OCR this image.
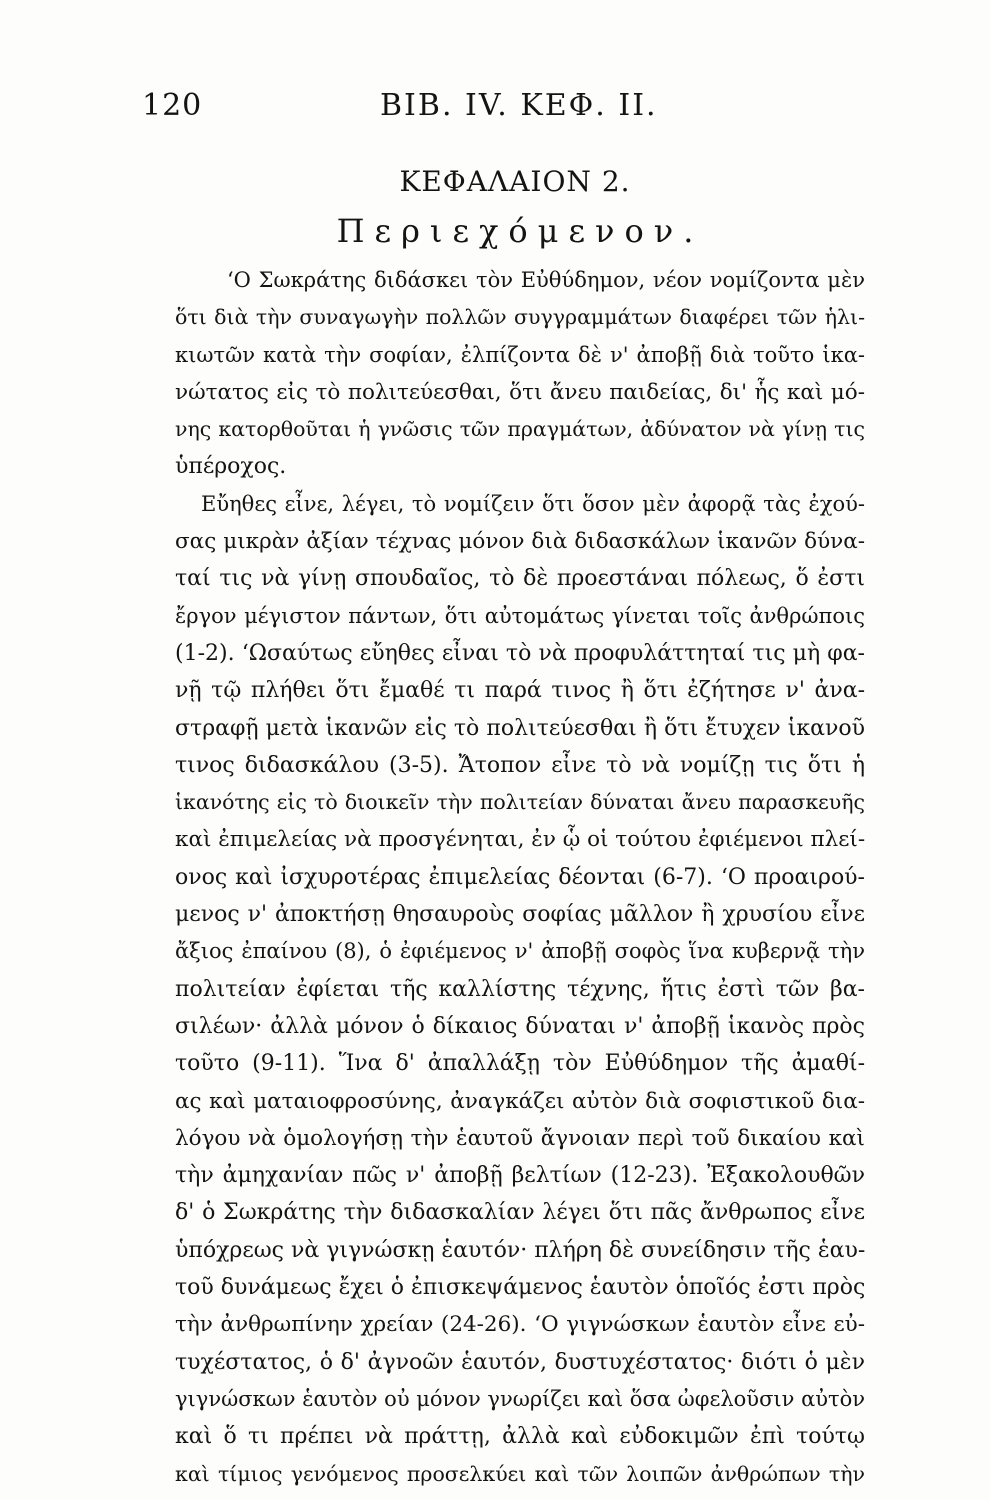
120	ΒΙΒ. IV. ΚΕΦ. II.
ΚΕΦΑΛΑΙΟΝ 2.
Περιεχόμενον.
‘Ο Σωκράτης διδάσκει τὸν Εὐθύδημον, νέον νομίζοντα μὲν
ὅτι διὰ τὴν συναγωγὴν πολλῶν συγγραμμάτων διαφέρει τῶν ἡλι-
κιωτῶν κατὰ τὴν σοφίαν, ἐλπίζοντα δὲ ν' ἀποβῇ διὰ τοῦτο ἱκα-
νώτατος εἰς τὸ πολιτεύεσθαι, ὅτι ἄνευ παιδείας, δι' ἧς καὶ μό-
νης κατορθοῦται ἡ γνῶσις τῶν πραγμάτων, ἀδύνατον νὰ γίνῃ τις
ὑπέροχος.
Εὔηθες εἶνε, λέγει, τὸ νομίζειν ὅτι ὅσον μὲν ἀφορᾷ τὰς ἐχού-
σας μικρὰν ἀξίαν τέχνας μόνον διὰ διδασκάλων ἱκανῶν δύνα-
ταί τις νὰ γίνῃ σπουδαῖος, τὸ δὲ προεστάναι πόλεως, ὅ ἐστι
ἔργον μέγιστον πάντων, ὅτι αὐτομάτως γίνεται τοῖς ἀνθρώποις
(1-2). ‘Ωσαύτως εὔηθες εἶναι τὸ νὰ προφυλάττηταί τις μὴ φα-
νῇ τῷ πλήθει ὅτι ἔμαθέ τι παρά τινος ἢ ὅτι ἐζήτησε ν' ἀνα-
στραφῇ μετὰ ἱκανῶν εἰς τὸ πολιτεύεσθαι ἢ ὅτι ἔτυχεν ἱκανοῦ
τινος διδασκάλου (3-5). Ἄτοπον εἶνε τὸ νὰ νομίζῃ τις ὅτι ἡ
ἱκανότης εἰς τὸ διοικεῖν τὴν πολιτείαν δύναται ἄνευ παρασκευῆς
καὶ ἐπιμελείας νὰ προσγένηται, ἐν ᾧ οἱ τούτου ἐφιέμενοι πλεί-
ονος καὶ ἰσχυροτέρας ἐπιμελείας δέονται (6-7). ‘Ο προαιρού-
μενος ν' ἀποκτήσῃ θησαυροὺς σοφίας μᾶλλον ἢ χρυσίου εἶνε
ἄξιος ἐπαίνου (8), ὁ ἐφιέμενος ν' ἀποβῇ σοφὸς ἵνα κυβερνᾷ τὴν
πολιτείαν ἐφίεται τῆς καλλίστης τέχνης, ἥτις ἐστὶ τῶν βα-
σιλέων· ἀλλὰ μόνον ὁ δίκαιος δύναται ν' ἀποβῇ ἱκανὸς πρὸς
τοῦτο (9-11). Ἵνα δ' ἀπαλλάξῃ τὸν Εὐθύδημον τῆς ἀμαθί-
ας καὶ ματαιοφροσύνης, ἀναγκάζει αὐτὸν διὰ σοφιστικοῦ δια-
λόγου νὰ ὁμολογήσῃ τὴν ἑαυτοῦ ἄγνοιαν περὶ τοῦ δικαίου καὶ
τὴν ἀμηχανίαν πῶς ν' ἀποβῇ βελτίων (12-23). Ἐξακολουθῶν
δ' ὁ Σωκράτης τὴν διδασκαλίαν λέγει ὅτι πᾶς ἄνθρωπος εἶνε
ὑπόχρεως νὰ γιγνώσκῃ ἑαυτόν· πλήρη δὲ συνείδησιν τῆς ἑαυ-
τοῦ δυνάμεως ἔχει ὁ ἐπισκεψάμενος ἑαυτὸν ὁποῖός ἐστι πρὸς
τὴν ἀνθρωπίνην χρείαν (24-26). ‘Ο γιγνώσκων ἑαυτὸν εἶνε εὐ-
τυχέστατος, ὁ δ' ἀγνοῶν ἑαυτόν, δυστυχέστατος· διότι ὁ μὲν
γιγνώσκων ἑαυτὸν οὐ μόνον γνωρίζει καὶ ὅσα ὠφελοῦσιν αὐτὸν
καὶ ὅ τι πρέπει νὰ πράττῃ, ἀλλὰ καὶ εὐδοκιμῶν ἐπὶ τούτῳ
καὶ τίμιος γενόμενος προσελκύει καὶ τῶν λοιπῶν ἀνθρώπων τὴν
